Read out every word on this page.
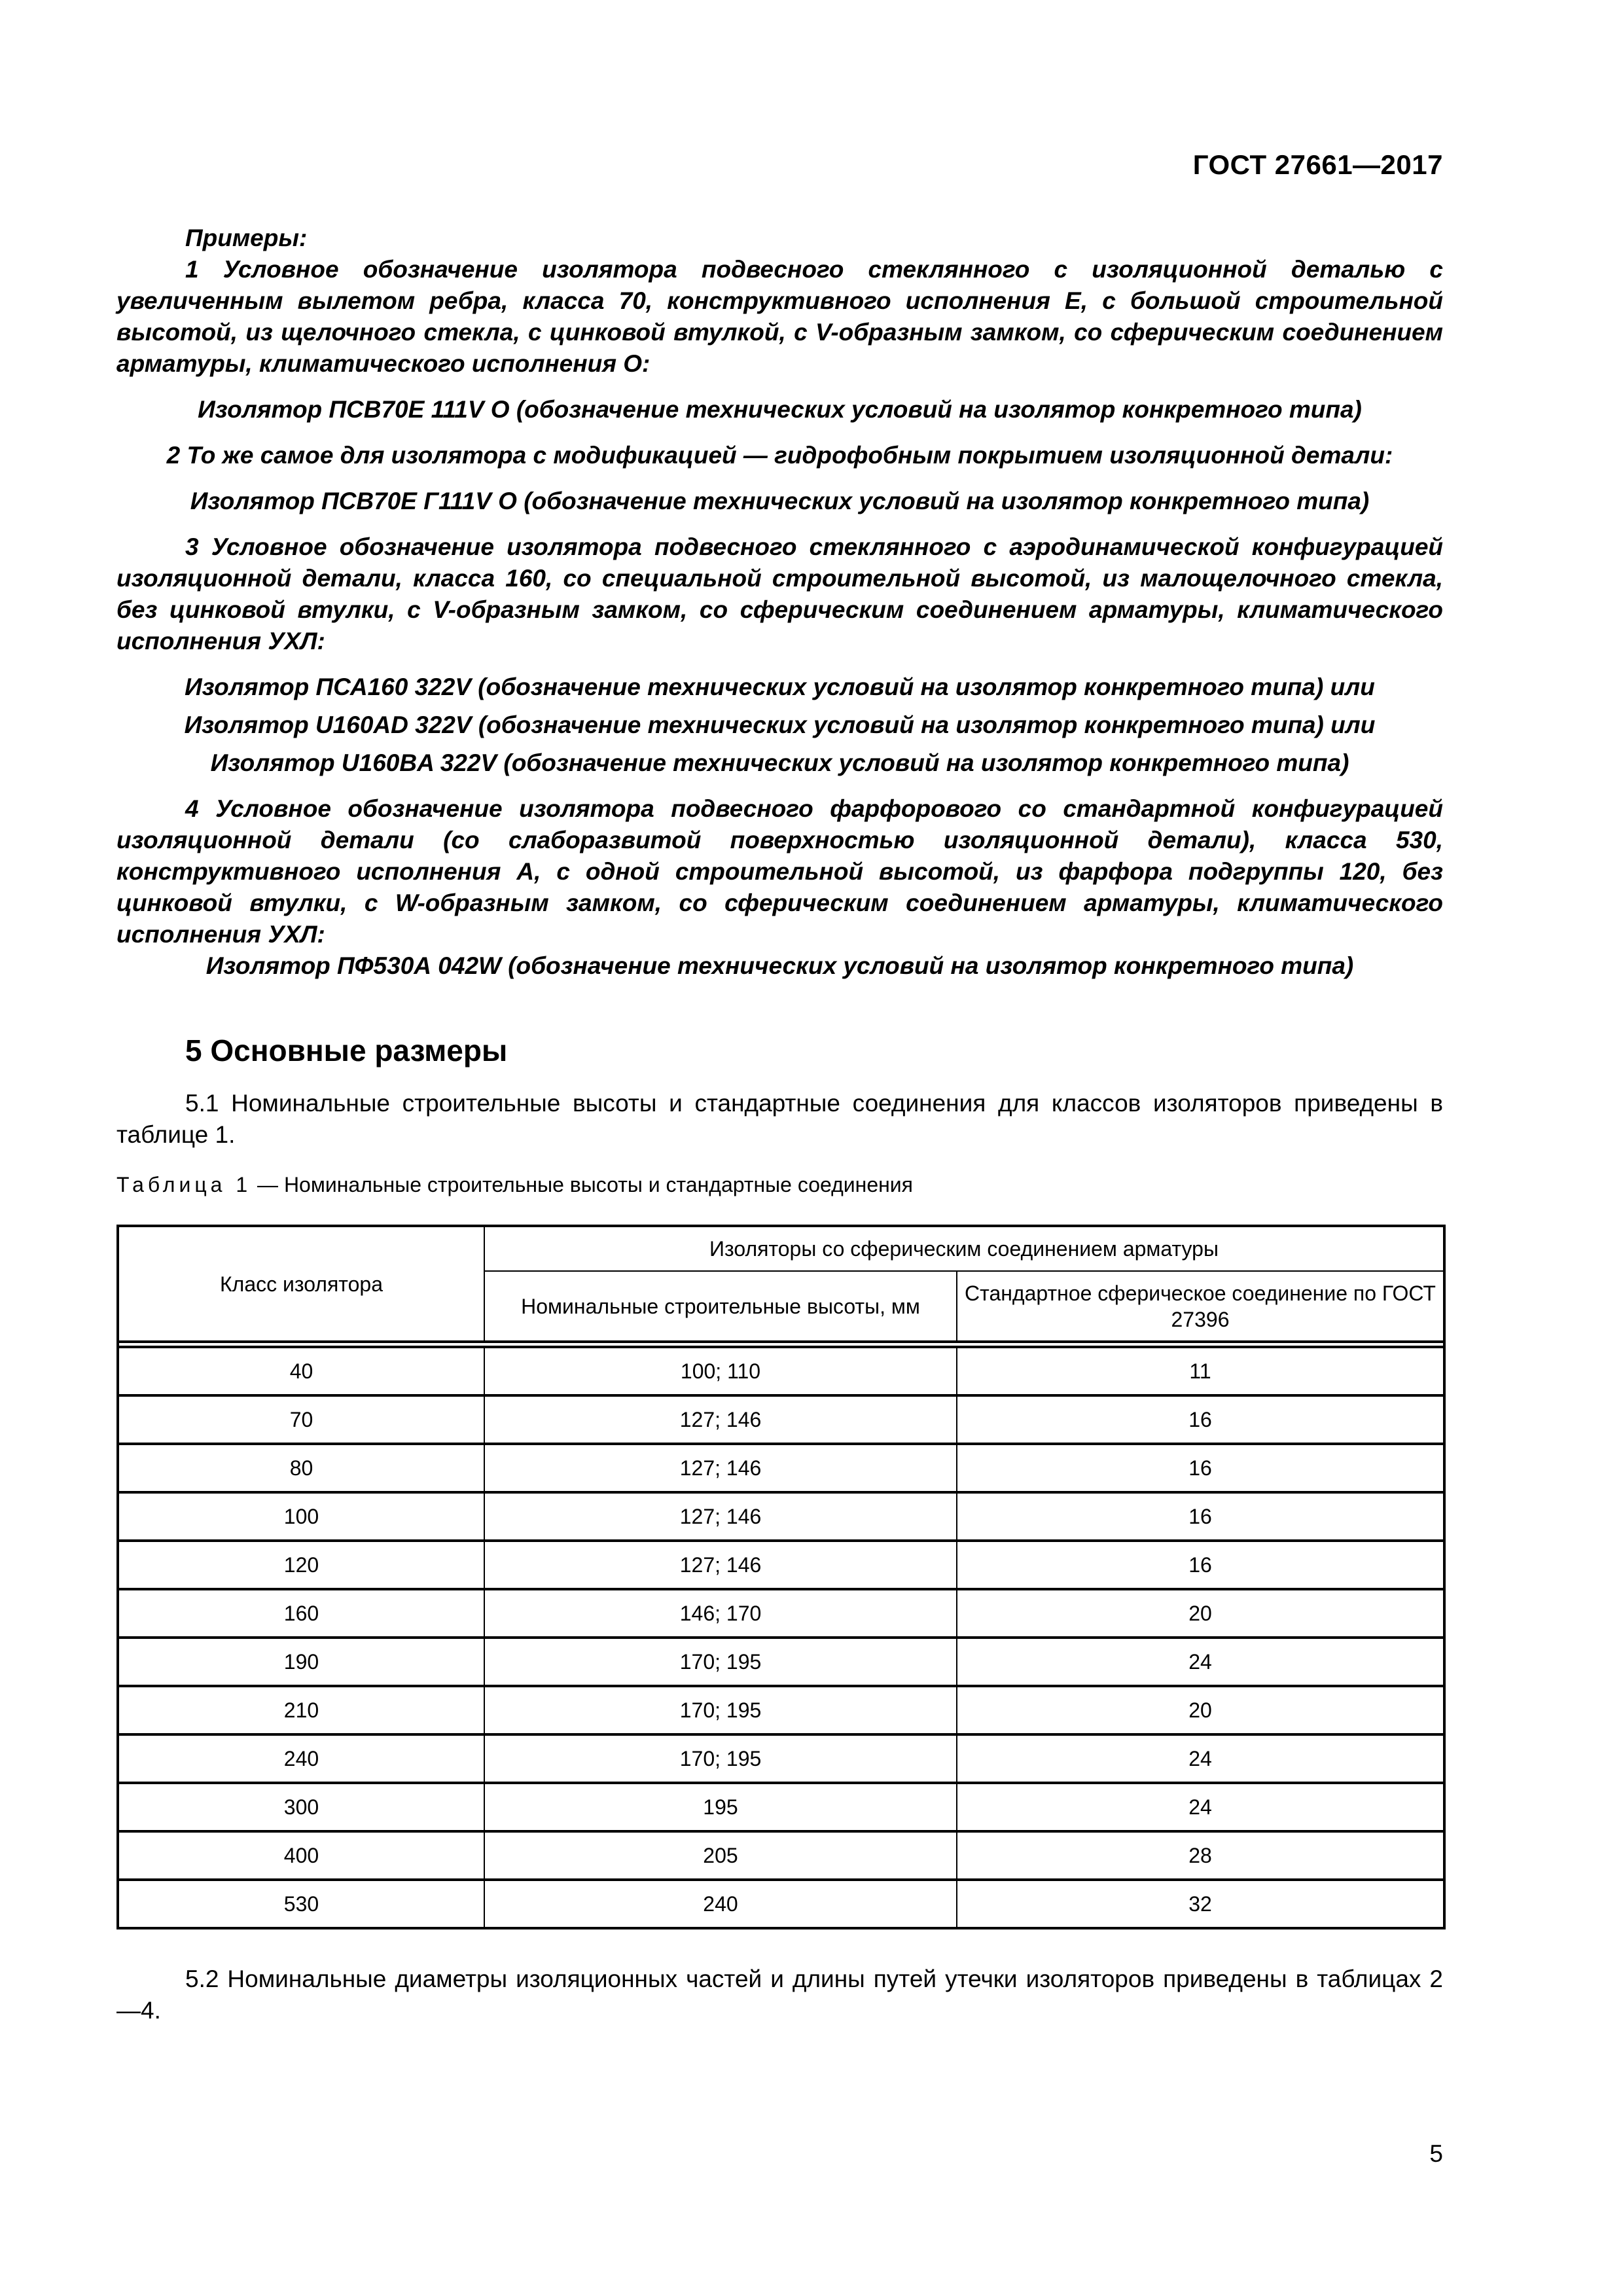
ГОСТ 27661—2017

Примеры:

1 Условное обозначение изолятора подвесного стеклянного с изоляционной деталью с увеличенным вылетом ребра, класса 70, конструктивного исполнения Е, с большой строительной высотой, из щелочного стекла, с цинковой втулкой, с V-образным замком, со сферическим соединением арматуры, климатического исполнения О:

Изолятор ПСВ70Е 111V О (обозначение технических условий на изолятор конкретного типа)

2 То же самое для изолятора с модификацией — гидрофобным покрытием изоляционной детали:

Изолятор ПСВ70Е Г111V О (обозначение технических условий на изолятор конкретного типа)

3 Условное обозначение изолятора подвесного стеклянного с аэродинамической конфигурацией изоляционной детали, класса 160, со специальной строительной высотой, из малощелочного стекла, без цинковой втулки, с V-образным замком, со сферическим соединением арматуры, климатического исполнения УХЛ:

Изолятор ПСА160 322V (обозначение технических условий на изолятор конкретного типа) или

Изолятор U160AD 322V (обозначение технических условий на изолятор конкретного типа) или

Изолятор U160BA 322V (обозначение технических условий на изолятор конкретного типа)

4 Условное обозначение изолятора подвесного фарфорового со стандартной конфигурацией изоляционной детали (со слаборазвитой поверхностью изоляционной детали), класса 530, конструктивного исполнения А, с одной строительной высотой, из фарфора подгруппы 120, без цинковой втулки, с W-образным замком, со сферическим соединением арматуры, климатического исполнения УХЛ:

Изолятор ПФ530А 042W (обозначение технических условий на изолятор конкретного типа)

5 Основные размеры

5.1 Номинальные строительные высоты и стандартные соединения для классов изоляторов приведены в таблице 1.

Таблица 1 — Номинальные строительные высоты и стандартные соединения
Класс изолятора	Изоляторы со сферическим соединением арматуры	
	Номинальные строительные высоты, мм	Стандартное сферическое соединение по ГОСТ 27396

40	100; 110	11
70	127; 146	16
80	127; 146	16
100	127; 146	16
120	127; 146	16
160	146; 170	20
190	170; 195	24
210	170; 195	20
240	170; 195	24
300	195	24
400	205	28
530	240	32

5.2 Номинальные диаметры изоляционных частей и длины путей утечки изоляторов приведены в таблицах 2—4.

5
